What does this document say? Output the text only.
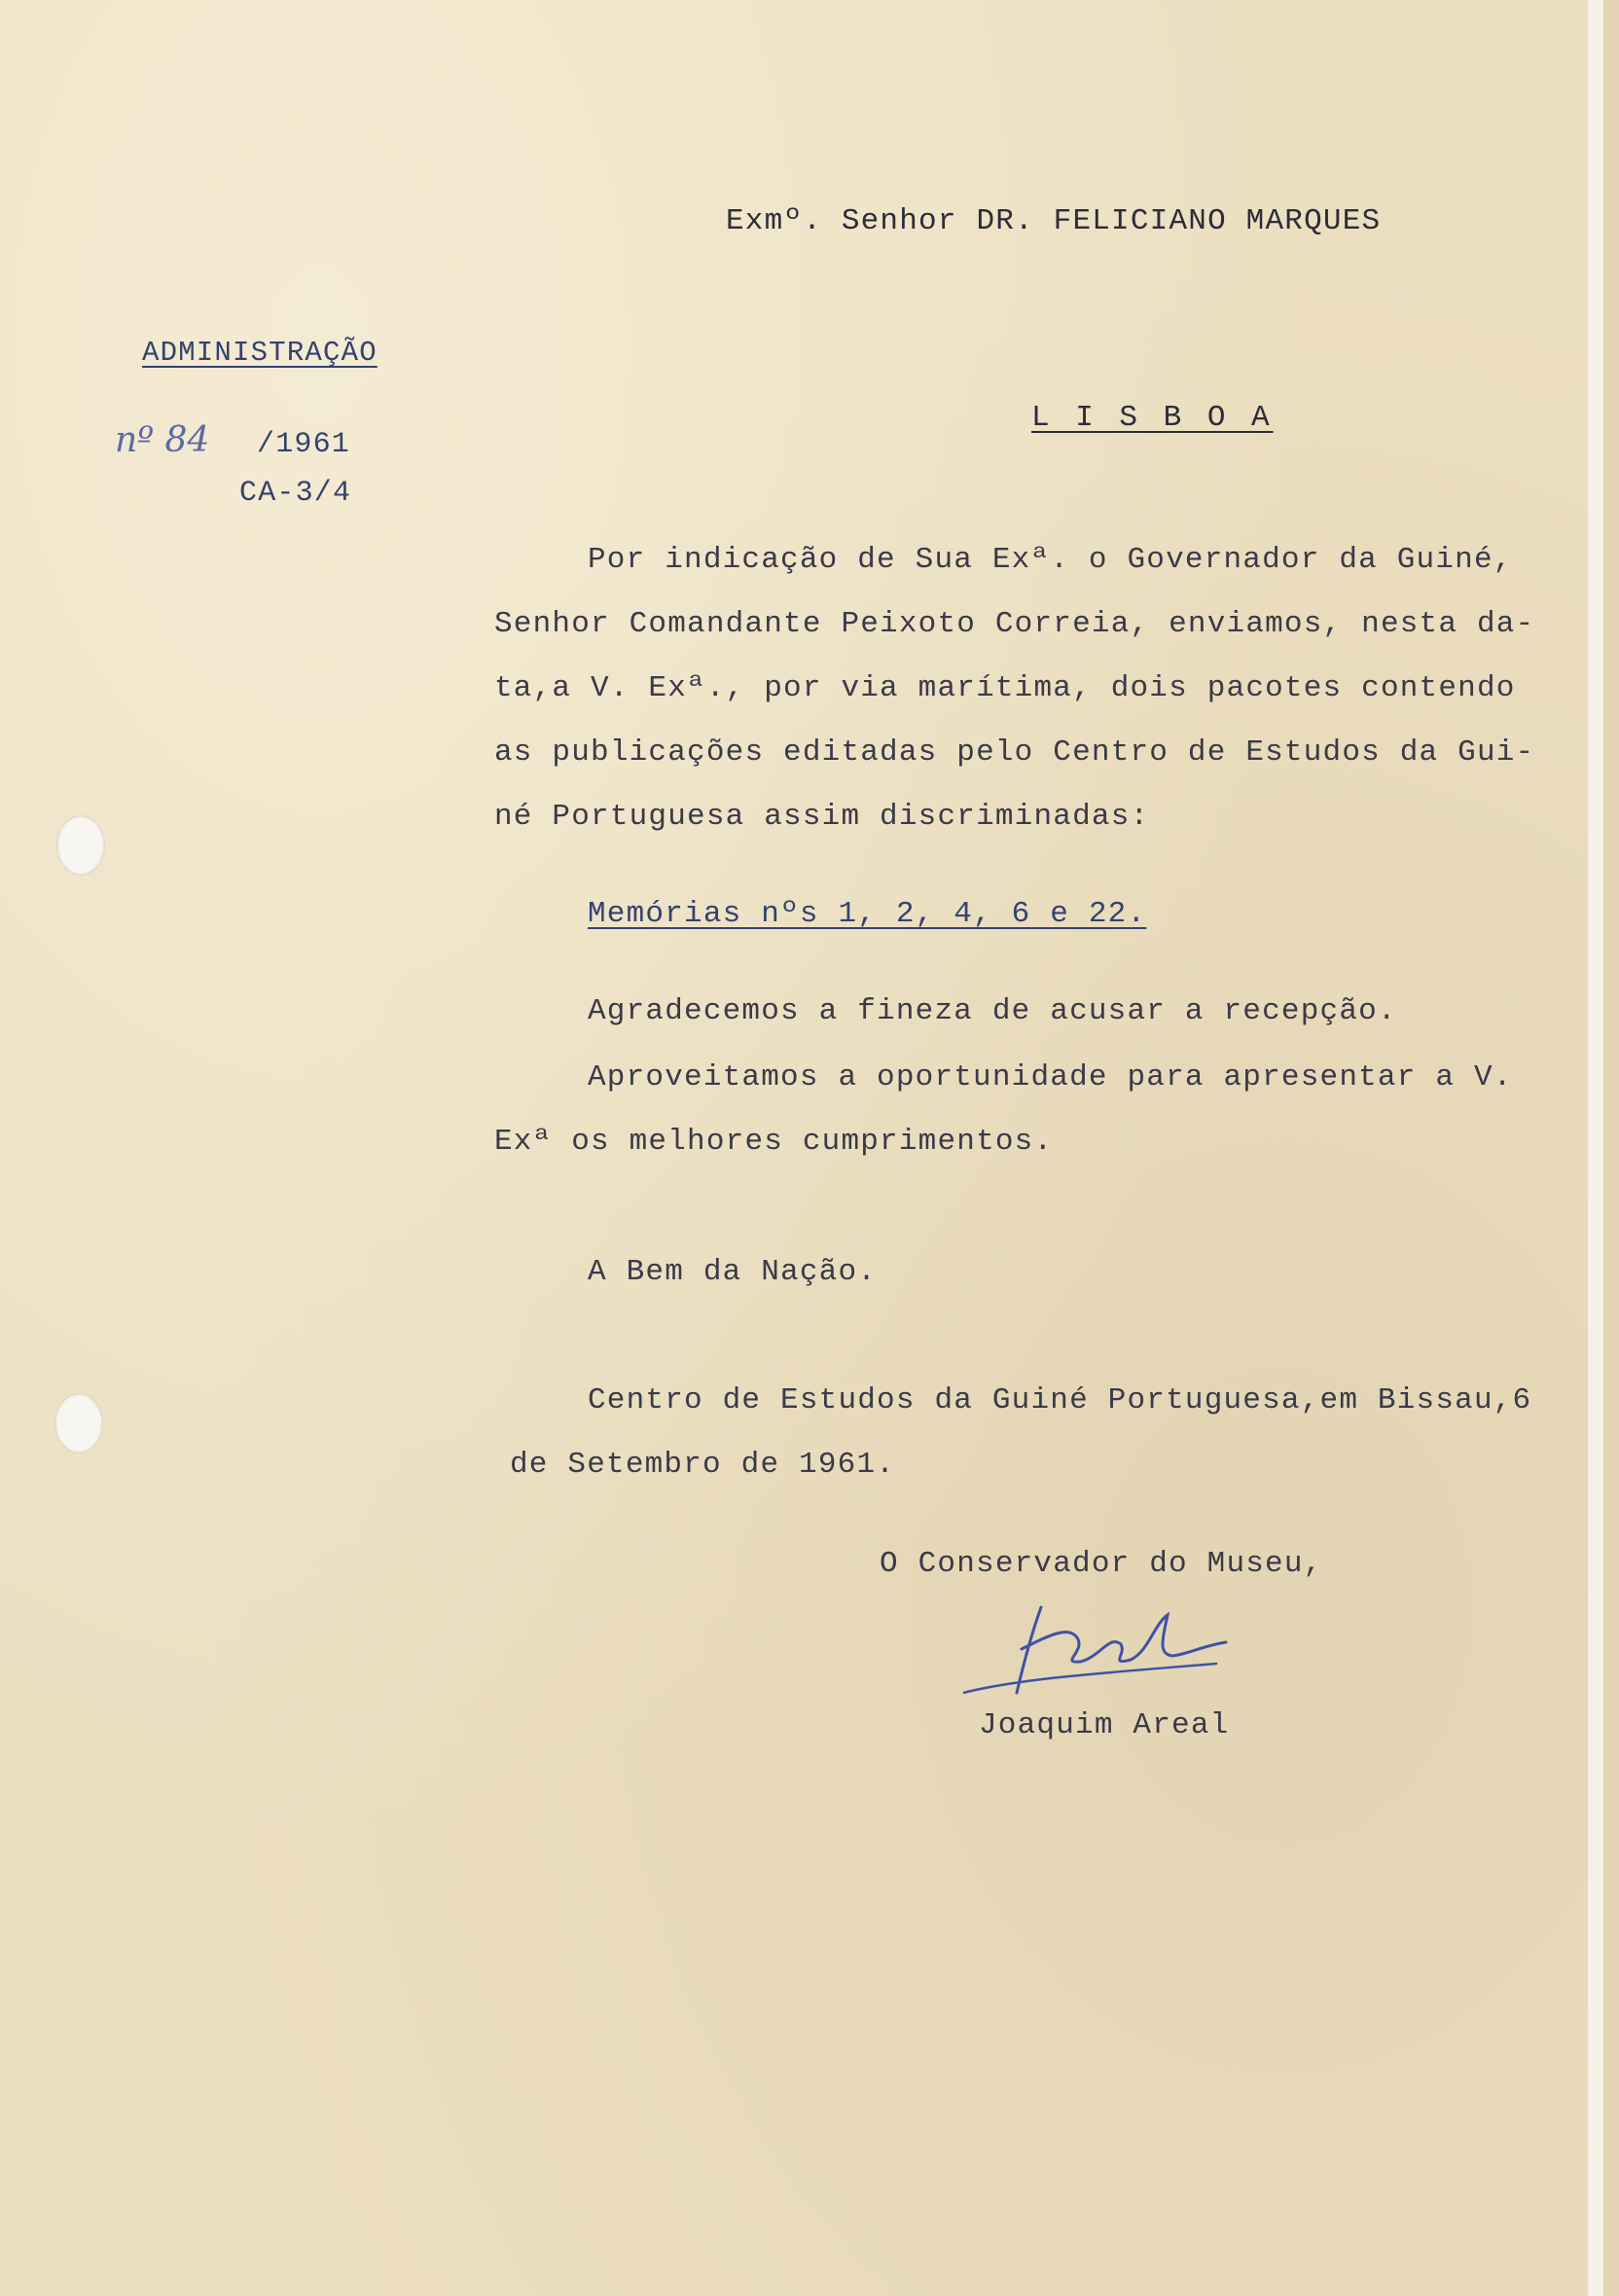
Exmº. Senhor DR. FELICIANO MARQUES
ADMINISTRAÇÃO
nº 84 /1961
CA-3/4
L I S B O A
Por indicação de Sua Exª. o Governador da Guiné,
Senhor Comandante Peixoto Correia, enviamos, nesta da-
ta,a V. Exª., por via marítima, dois pacotes contendo
as publicações editadas pelo Centro de Estudos da Gui-
né Portuguesa assim discriminadas:
Memórias nºs 1, 2, 4, 6 e 22.
Agradecemos a fineza de acusar a recepção.
Aproveitamos a oportunidade para apresentar a V.
Exª os melhores cumprimentos.
A Bem da Nação.
Centro de Estudos da Guiné Portuguesa,em Bissau,6
de Setembro de 1961.
O Conservador do Museu,
Joaquim Areal
